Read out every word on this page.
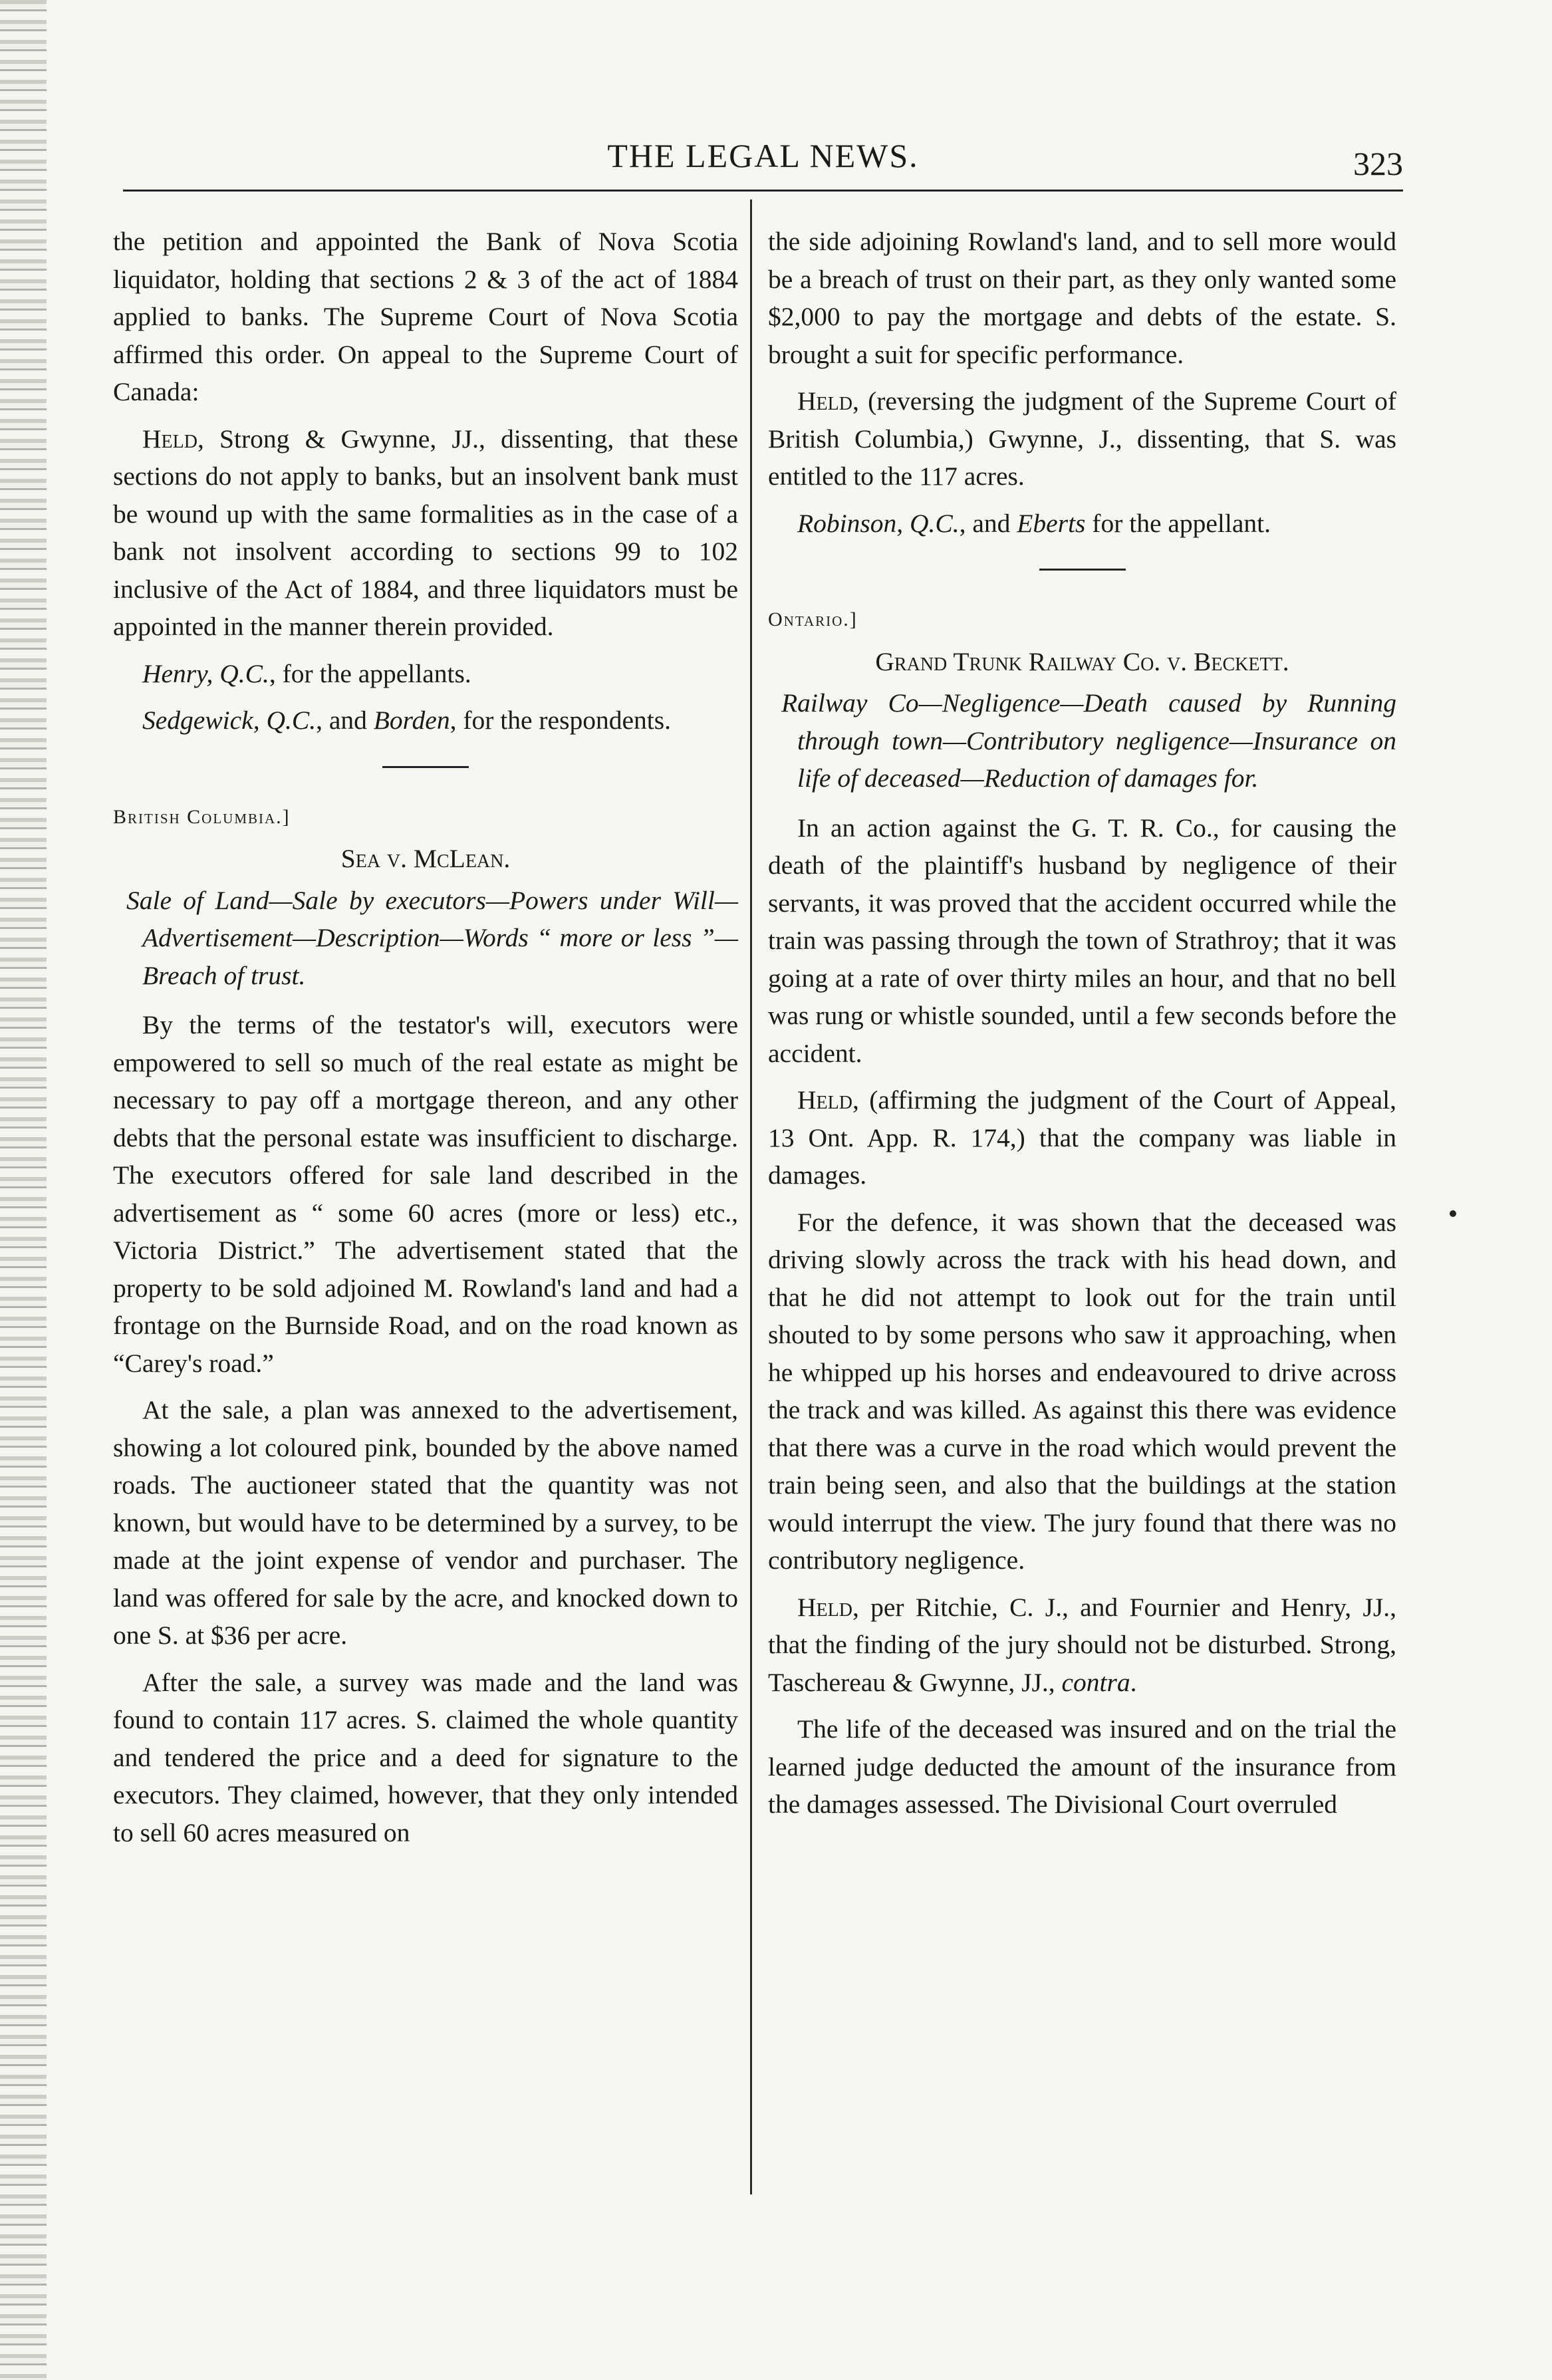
THE LEGAL NEWS.	323

the petition and appointed the Bank of Nova Scotia liquidator, holding that sections 2 & 3 of the act of 1884 applied to banks. The Supreme Court of Nova Scotia affirmed this order. On appeal to the Supreme Court of Canada:

Held, Strong & Gwynne, JJ., dissenting, that these sections do not apply to banks, but an insolvent bank must be wound up with the same formalities as in the case of a bank not insolvent according to sections 99 to 102 inclusive of the Act of 1884, and three liquidators must be appointed in the manner therein provided.

Henry, Q.C., for the appellants.

Sedgewick, Q.C., and Borden, for the respondents.

British Columbia.]

Sea v. McLean.

Sale of Land—Sale by executors—Powers under Will—Advertisement—Description—Words “ more or less ”—Breach of trust.

By the terms of the testator's will, executors were empowered to sell so much of the real estate as might be necessary to pay off a mortgage thereon, and any other debts that the personal estate was insufficient to discharge. The executors offered for sale land described in the advertisement as “ some 60 acres (more or less) etc., Victoria District.” The advertisement stated that the property to be sold adjoined M. Rowland's land and had a frontage on the Burnside Road, and on the road known as “Carey's road.”

At the sale, a plan was annexed to the advertisement, showing a lot coloured pink, bounded by the above named roads. The auctioneer stated that the quantity was not known, but would have to be determined by a survey, to be made at the joint expense of vendor and purchaser. The land was offered for sale by the acre, and knocked down to one S. at $36 per acre.

After the sale, a survey was made and the land was found to contain 117 acres. S. claimed the whole quantity and tendered the price and a deed for signature to the executors. They claimed, however, that they only intended to sell 60 acres measured on

the side adjoining Rowland's land, and to sell more would be a breach of trust on their part, as they only wanted some $2,000 to pay the mortgage and debts of the estate. S. brought a suit for specific performance.

Held, (reversing the judgment of the Supreme Court of British Columbia,) Gwynne, J., dissenting, that S. was entitled to the 117 acres.

Robinson, Q.C., and Eberts for the appellant.

Ontario.]

Grand Trunk Railway Co. v. Beckett.

Railway Co—Negligence—Death caused by Running through town—Contributory negligence—Insurance on life of deceased—Reduction of damages for.

In an action against the G. T. R. Co., for causing the death of the plaintiff's husband by negligence of their servants, it was proved that the accident occurred while the train was passing through the town of Strathroy; that it was going at a rate of over thirty miles an hour, and that no bell was rung or whistle sounded, until a few seconds before the accident.

Held, (affirming the judgment of the Court of Appeal, 13 Ont. App. R. 174,) that the company was liable in damages.

For the defence, it was shown that the deceased was driving slowly across the track with his head down, and that he did not attempt to look out for the train until shouted to by some persons who saw it approaching, when he whipped up his horses and endeavoured to drive across the track and was killed. As against this there was evidence that there was a curve in the road which would prevent the train being seen, and also that the buildings at the station would interrupt the view. The jury found that there was no contributory negligence.

Held, per Ritchie, C. J., and Fournier and Henry, JJ., that the finding of the jury should not be disturbed. Strong, Taschereau & Gwynne, JJ., contra.

The life of the deceased was insured and on the trial the learned judge deducted the amount of the insurance from the damages assessed. The Divisional Court overruled
